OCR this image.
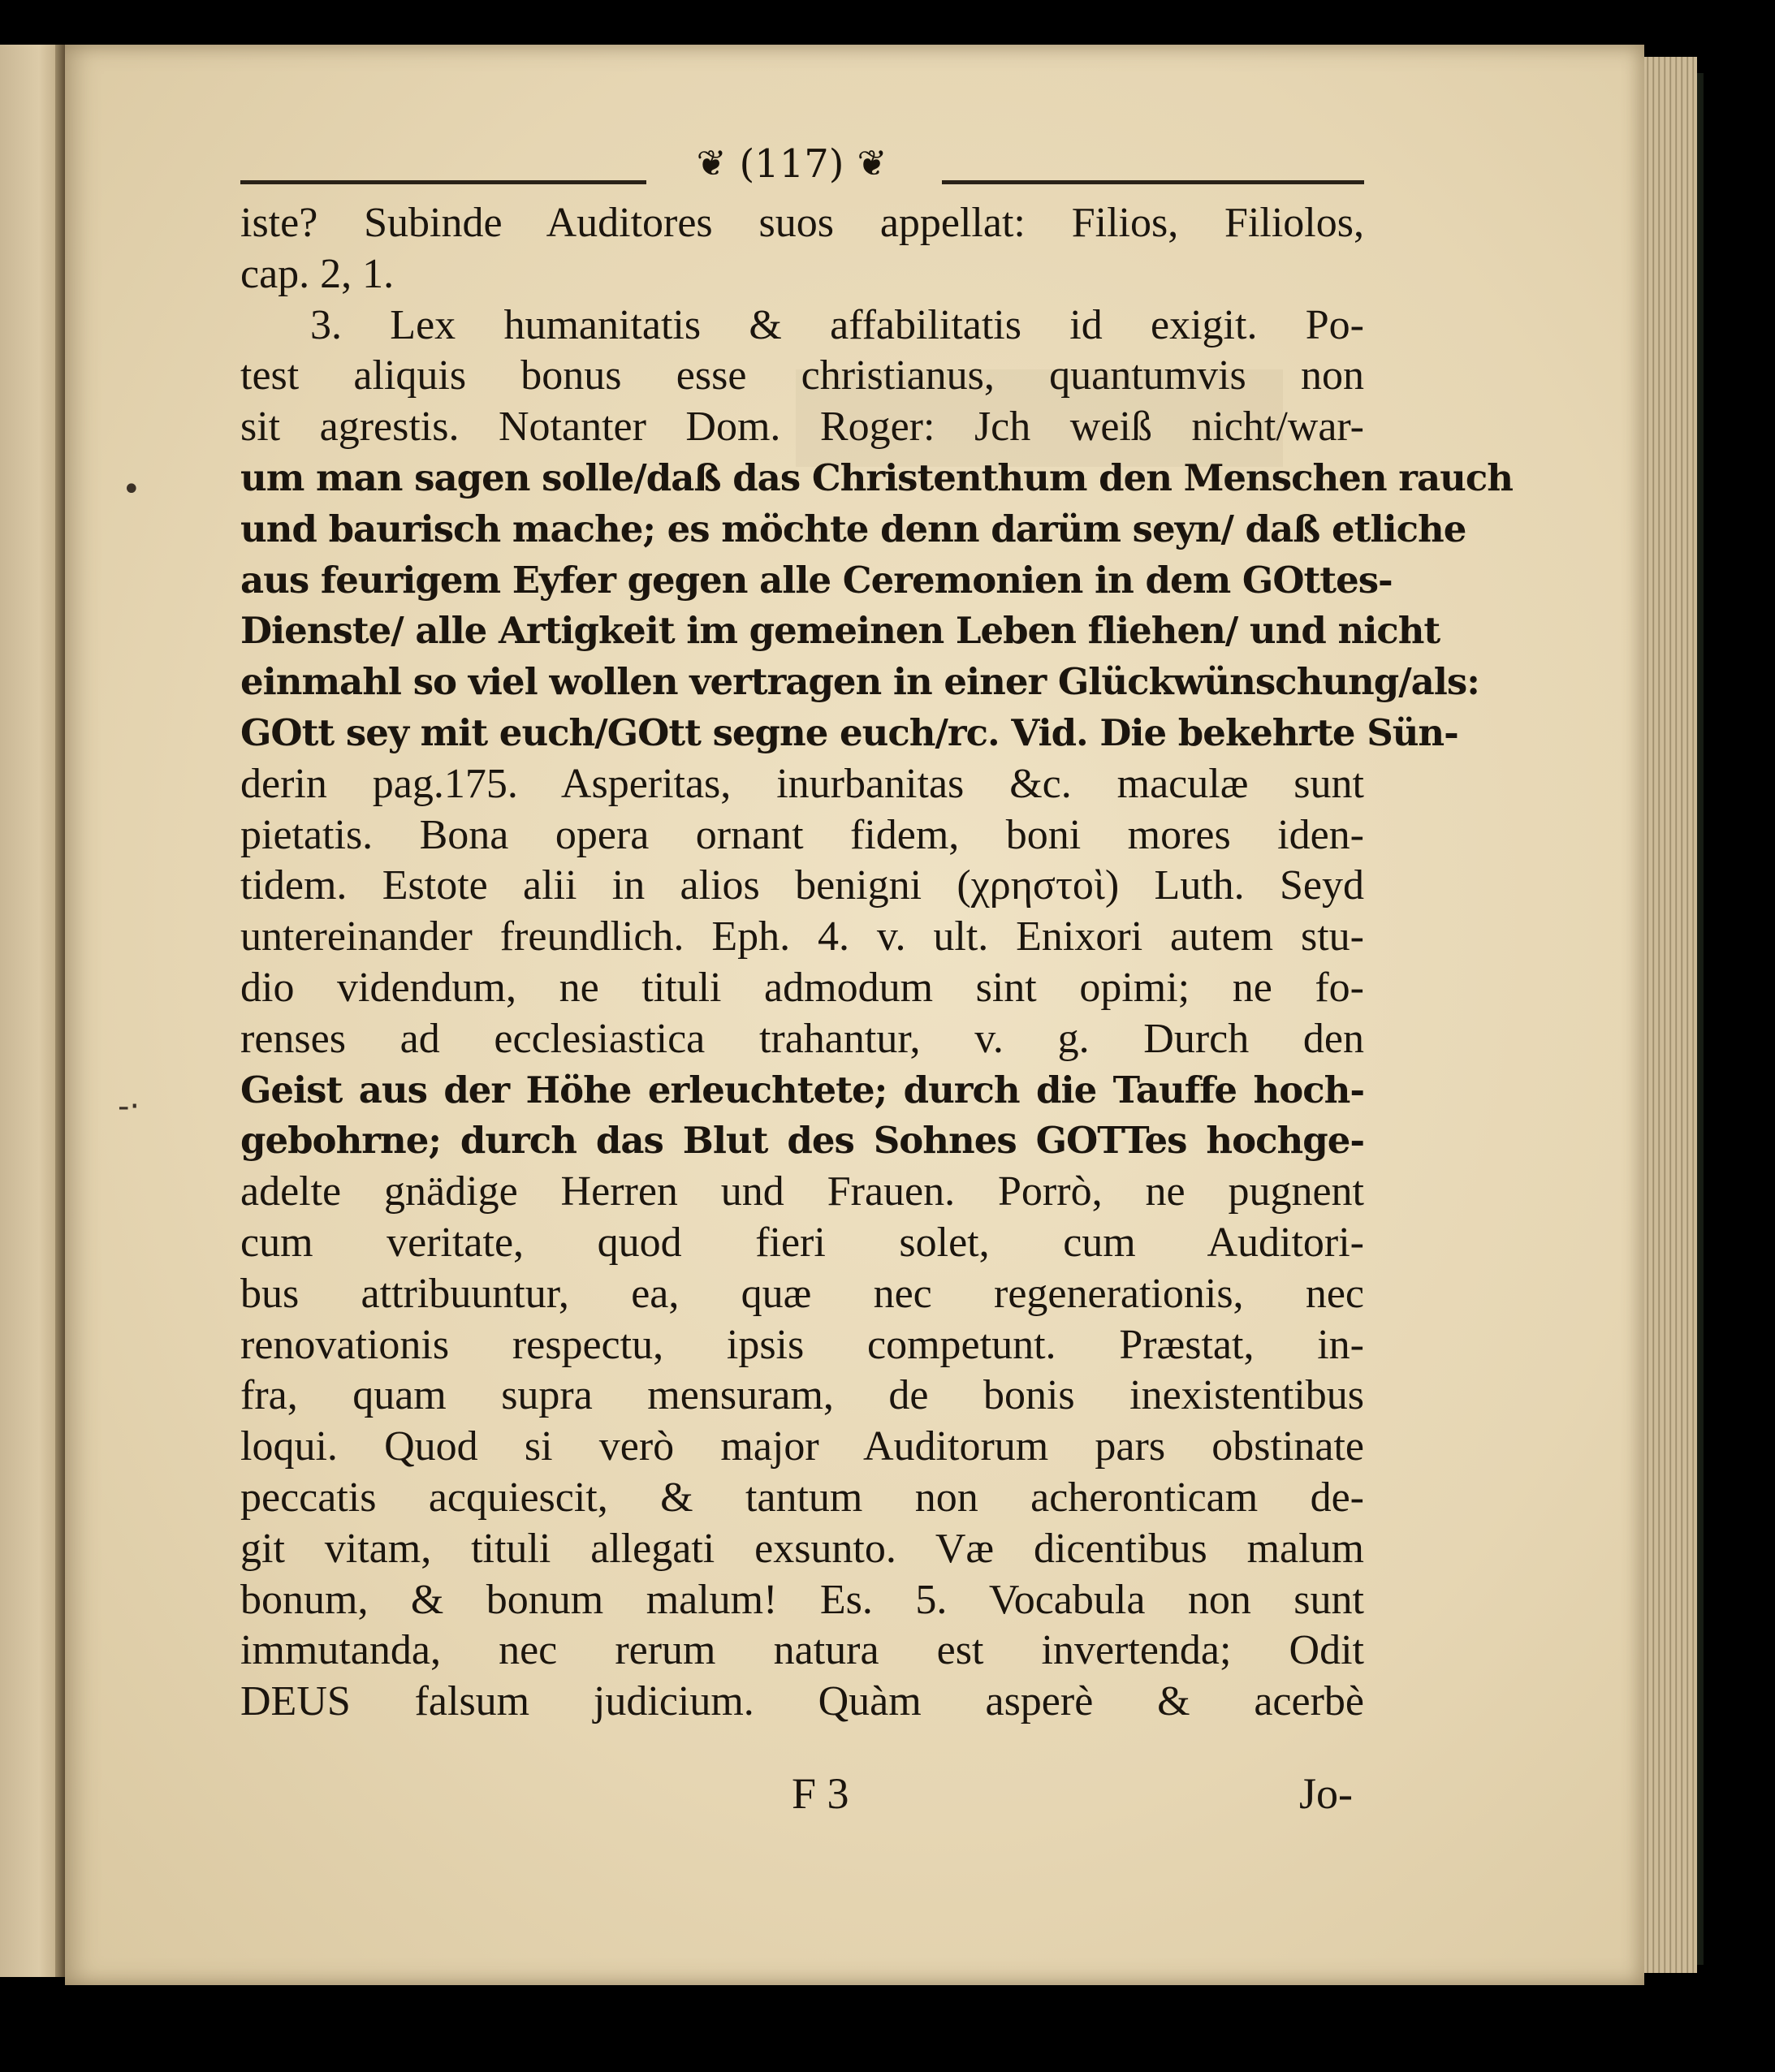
❦ (117) ❦
iste? Subinde Auditores suos appellat: Filios, Filiolos,
cap. 2, 1.
3. Lex humanitatis & affabilitatis id exigit. Po-
test aliquis bonus esse christianus, quantumvis non
sit agrestis. Notanter Dom. Roger: Jch weiß nicht/war-
um man sagen solle/daß das Christenthum den Menschen rauch
und baurisch mache; es möchte denn darüm seyn/ daß etliche
aus feurigem Eyfer gegen alle Ceremonien in dem GOttes-
Dienste/ alle Artigkeit im gemeinen Leben fliehen/ und nicht
einmahl so viel wollen vertragen in einer Glückwünschung/als:
GOtt sey mit euch/GOtt segne euch/rc. Vid. Die bekehrte Sün-
derin pag.175. Asperitas, inurbanitas &c. maculæ sunt
pietatis. Bona opera ornant fidem, boni mores iden-
tidem. Estote alii in alios benigni (χρηστοὶ) Luth. Seyd
untereinander freundlich. Eph. 4. v. ult. Enixori autem stu-
dio videndum, ne tituli admodum sint opimi; ne fo-
renses ad ecclesiastica trahantur, v. g. Durch den
Geist aus der Höhe erleuchtete; durch die Tauffe hoch-
gebohrne; durch das Blut des Sohnes GOTTes hochge-
adelte gnädige Herren und Frauen. Porrò, ne pugnent
cum veritate, quod fieri solet, cum Auditori-
bus attribuuntur, ea, quæ nec regenerationis, nec
renovationis respectu, ipsis competunt. Præstat, in-
fra, quam supra mensuram, de bonis inexistentibus
loqui. Quod si verò major Auditorum pars obstinate
peccatis acquiescit, & tantum non acheronticam de-
git vitam, tituli allegati exsunto. Væ dicentibus malum
bonum, & bonum malum! Es. 5. Vocabula non sunt
immutanda, nec rerum natura est invertenda; Odit
DEUS falsum judicium. Quàm asperè & acerbè
•
-·
F 3	Jo-
